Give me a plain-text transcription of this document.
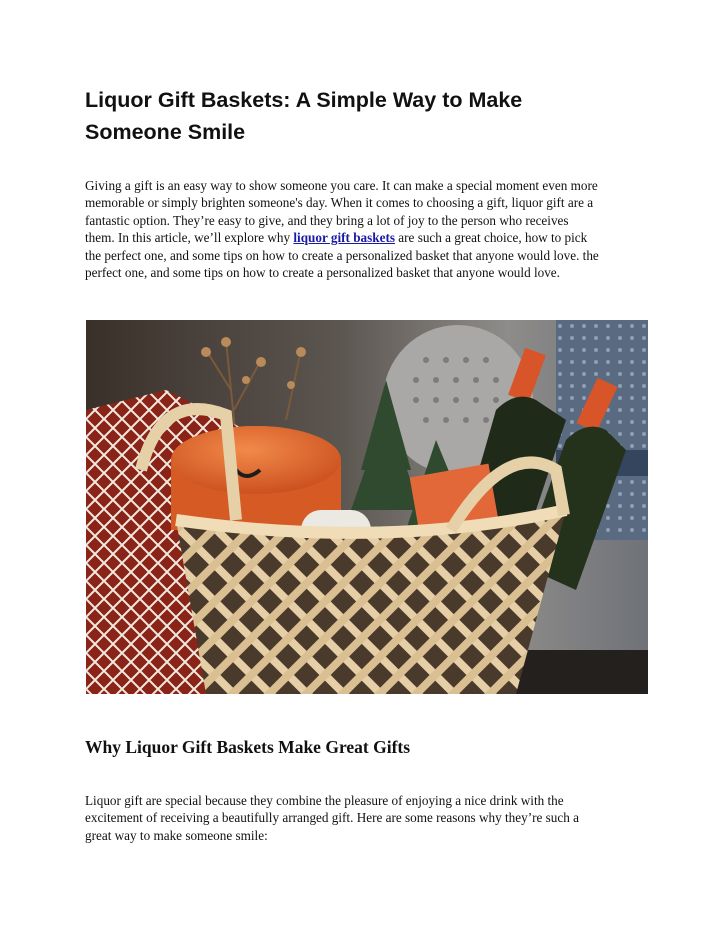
Liquor Gift Baskets: A Simple Way to Make
Someone Smile

Giving a gift is an easy way to show someone you care. It can make a special moment even more
memorable or simply brighten someone's day. When it comes to choosing a gift, liquor gift are a
fantastic option. They’re easy to give, and they bring a lot of joy to the person who receives
them. In this article, we’ll explore why liquor gift baskets are such a great choice, how to pick
the perfect one, and some tips on how to create a personalized basket that anyone would love. the
perfect one, and some tips on how to create a personalized basket that anyone would love.

Why Liquor Gift Baskets Make Great Gifts

Liquor gift are special because they combine the pleasure of enjoying a nice drink with the
excitement of receiving a beautifully arranged gift. Here are some reasons why they’re such a
great way to make someone smile:
